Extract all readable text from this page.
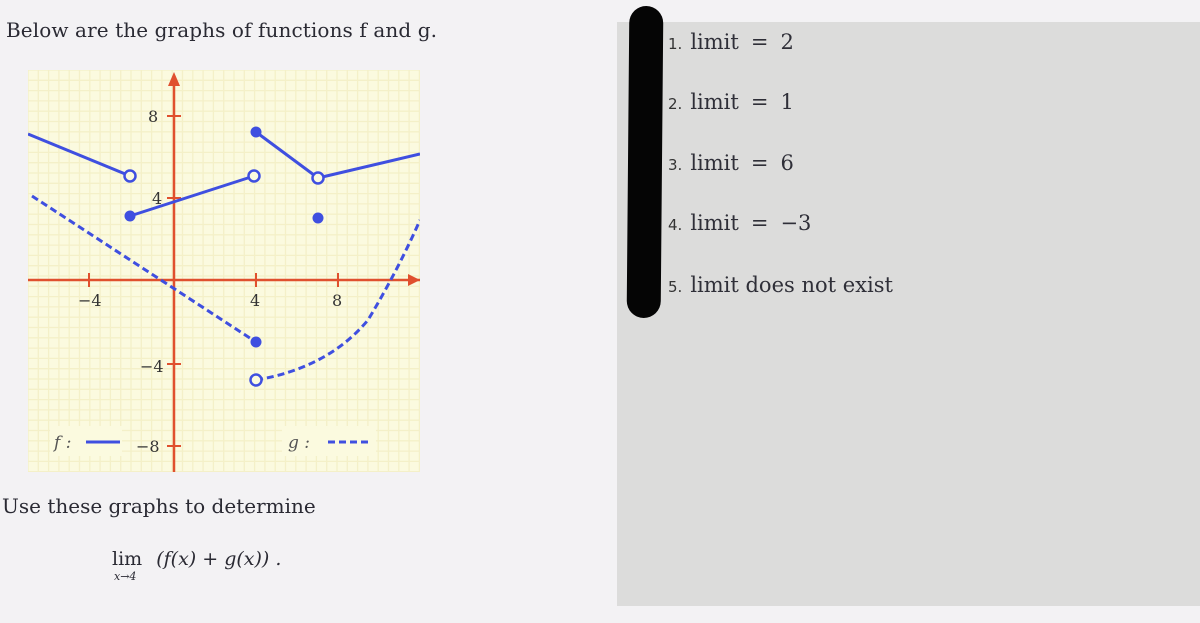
Below are the graphs of functions f and g.
−4	4	8
8
4
−4
−8
f :	g :
Use these graphs to determine
lim (f(x) + g(x)) .
x→4
1. limit = 2
2. limit = 1
3. limit = 6
4. limit = −3
5. limit does not exist
